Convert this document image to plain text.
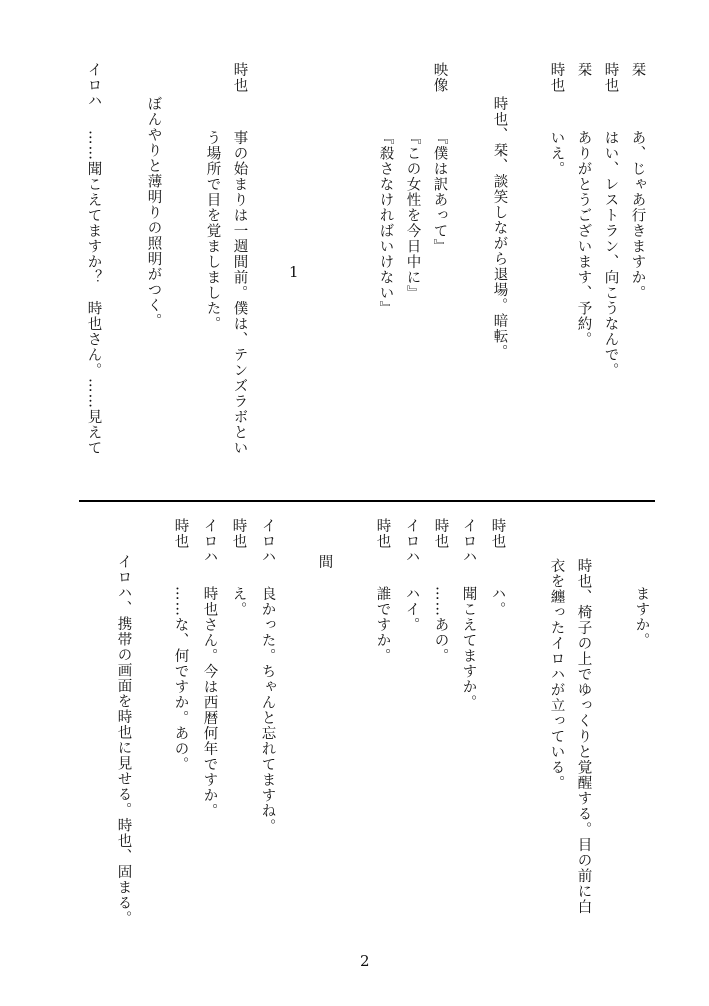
栞
あ、じゃあ行きますか。
時也
はい、レストラン、向こうなんで。
栞
ありがとうございます、予約。
時也
いえ。
時也、栞、談笑しながら退場。暗転。
映像
『僕は訳あって』
『この女性を今日中に』
『殺さなければいけない』
1
時也
事の始まりは一週間前。僕は、テンズラボとい
う場所で目を覚ましました。
ぼんやりと薄明りの照明がつく。
イロハ
……聞こえてますか？　時也さん。……見えて
ますか。
時也、椅子の上でゆっくりと覚醒する。目の前に白
衣を纏ったイロハが立っている。
時也
ハ。
イロハ
聞こえてますか。
時也
……あの。
イロハ
ハイ。
時也
誰ですか。
間
イロハ
良かった。ちゃんと忘れてますね。
時也
え。
イロハ
時也さん。今は西暦何年ですか。
時也
……な、何ですか。あの。
イロハ、携帯の画面を時也に見せる。時也、固まる。
2
